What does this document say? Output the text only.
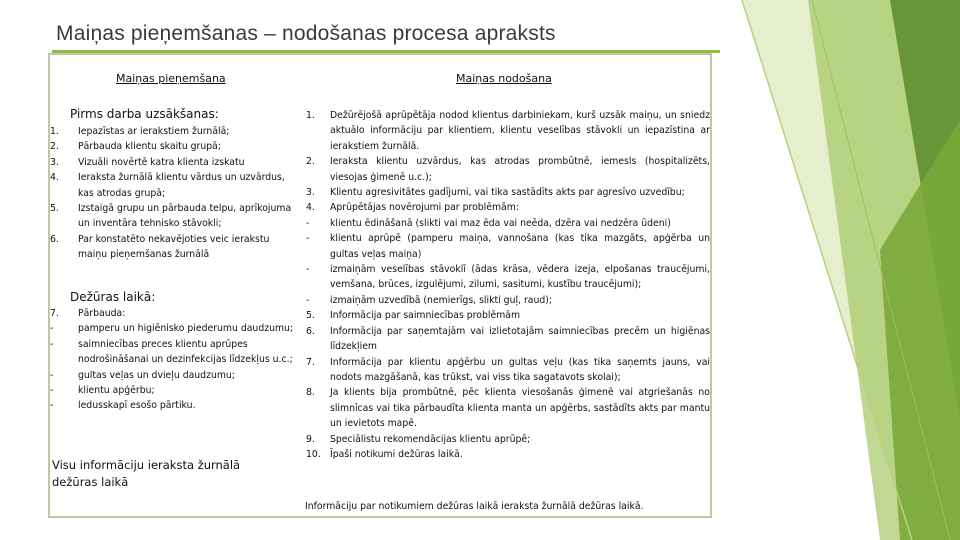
Maiņas pieņemšanas – nodošanas procesa apraksts
Maiņas pieņemšana
Pirms darba uzsākšanas:
1.	Iepazīstas ar ierakstiem žurnālā;
2.	Pārbauda klientu skaitu grupā;
3.	Vizuāli novērtē katra klienta izskatu
4.	Ieraksta žurnālā klientu vārdus un uzvārdus, kas atrodas grupā;
5.	Izstaigā grupu un pārbauda telpu, aprīkojuma un inventāra tehnisko stāvokli;
6.	Par konstatēto nekavējoties veic ierakstu maiņu pieņemšanas žurnālā
Dežūras laikā:
7.	Pārbauda:
-	pamperu un higiēnisko piederumu daudzumu;
-	saimniecības preces klientu aprūpes nodrošināšanai un dezinfekcijas līdzekļus u.c.;
-	gultas veļas un dvieļu daudzumu;
-	klientu apģērbu;
-	ledusskapī esošo pārtiku.
Visu informāciju ieraksta žurnālā dežūras laikā
Maiņas nodošana
1.	Dežūrējošā aprūpētāja nodod klientus darbiniekam, kurš uzsāk maiņu, un sniedz aktuālo informāciju par klientiem, klientu veselības stāvokli un iepazīstina ar ierakstiem žurnālā.
2.	Ieraksta klientu uzvārdus, kas atrodas prombūtnē, iemesls (hospitalizēts, viesojas ģimenē u.c.);
3.	Klientu agresivitātes gadījumi, vai tika sastādīts akts par agresīvo uzvedību;
4.	Aprūpētājas novērojumi par problēmām:
-	klientu ēdināšanā (slikti vai maz ēda vai neēda, dzēra vai nedzēra ūdeni)
-	klientu aprūpē (pamperu maiņa, vannošana (kas tika mazgāts, apģērba un gultas veļas maiņa)
-	izmaiņām veselības stāvoklī (ādas krāsa, vēdera izeja, elpošanas traucējumi, vemšana, brūces, izgulējumi, zilumi, sasitumi, kustību traucējumi);
-	izmaiņām uzvedībā (nemierīgs, slikti guļ, raud);
5.	Informācija par saimniecības problēmām
6.	Informācija par saņemtajām vai izlietotajām saimniecības precēm un higiēnas līdzekļiem
7.	Informācija par klientu apģērbu un gultas veļu (kas tika saņemts jauns, vai nodots mazgāšanā, kas trūkst, vai viss tika sagatavots skolai);
8.	Ja klients bija prombūtnē, pēc klienta viesošanās ģimenē vai atgriešanās no slimnīcas vai tika pārbaudīta klienta manta un apģērbs, sastādīts akts par mantu un ievietots mapē.
9.	Speciālistu rekomendācijas klientu aprūpē;
10. Īpaši notikumi dežūras laikā.
Informāciju par notikumiem dežūras laikā ieraksta žurnālā dežūras laikā.
